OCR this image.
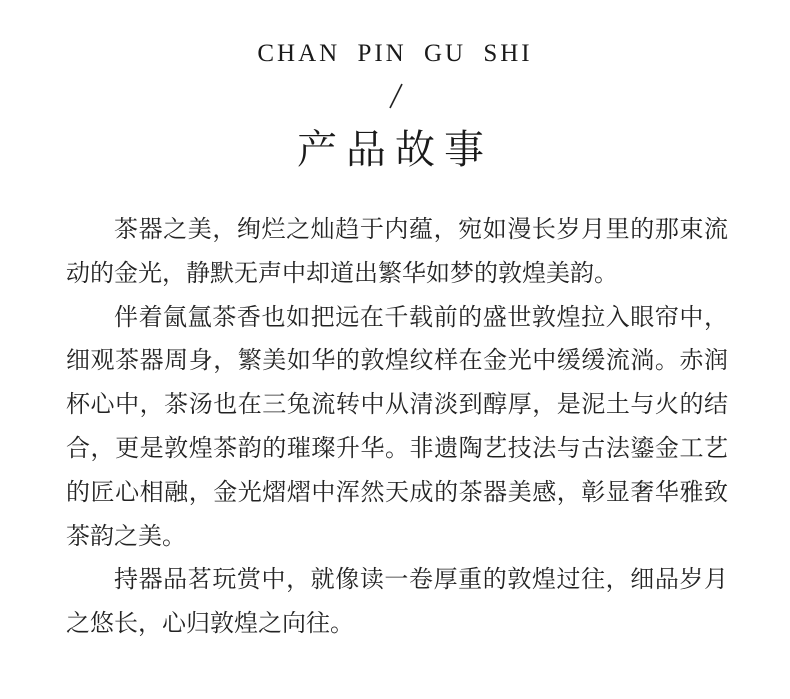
CHAN PIN GU SHI
产品故事

茶器之美，绚烂之灿趋于内蕴，宛如漫长岁月里的那束流动的金光，静默无声中却道出繁华如梦的敦煌美韵。

伴着氤氲茶香也如把远在千载前的盛世敦煌拉入眼帘中，细观茶器周身，繁美如华的敦煌纹样在金光中缓缓流淌。赤润杯心中，茶汤也在三兔流转中从清淡到醇厚，是泥土与火的结合，更是敦煌茶韵的璀璨升华。非遗陶艺技法与古法鎏金工艺的匠心相融，金光熠熠中浑然天成的茶器美感，彰显奢华雅致茶韵之美。

持器品茗玩赏中，就像读一卷厚重的敦煌过往，细品岁月之悠长，心归敦煌之向往。
